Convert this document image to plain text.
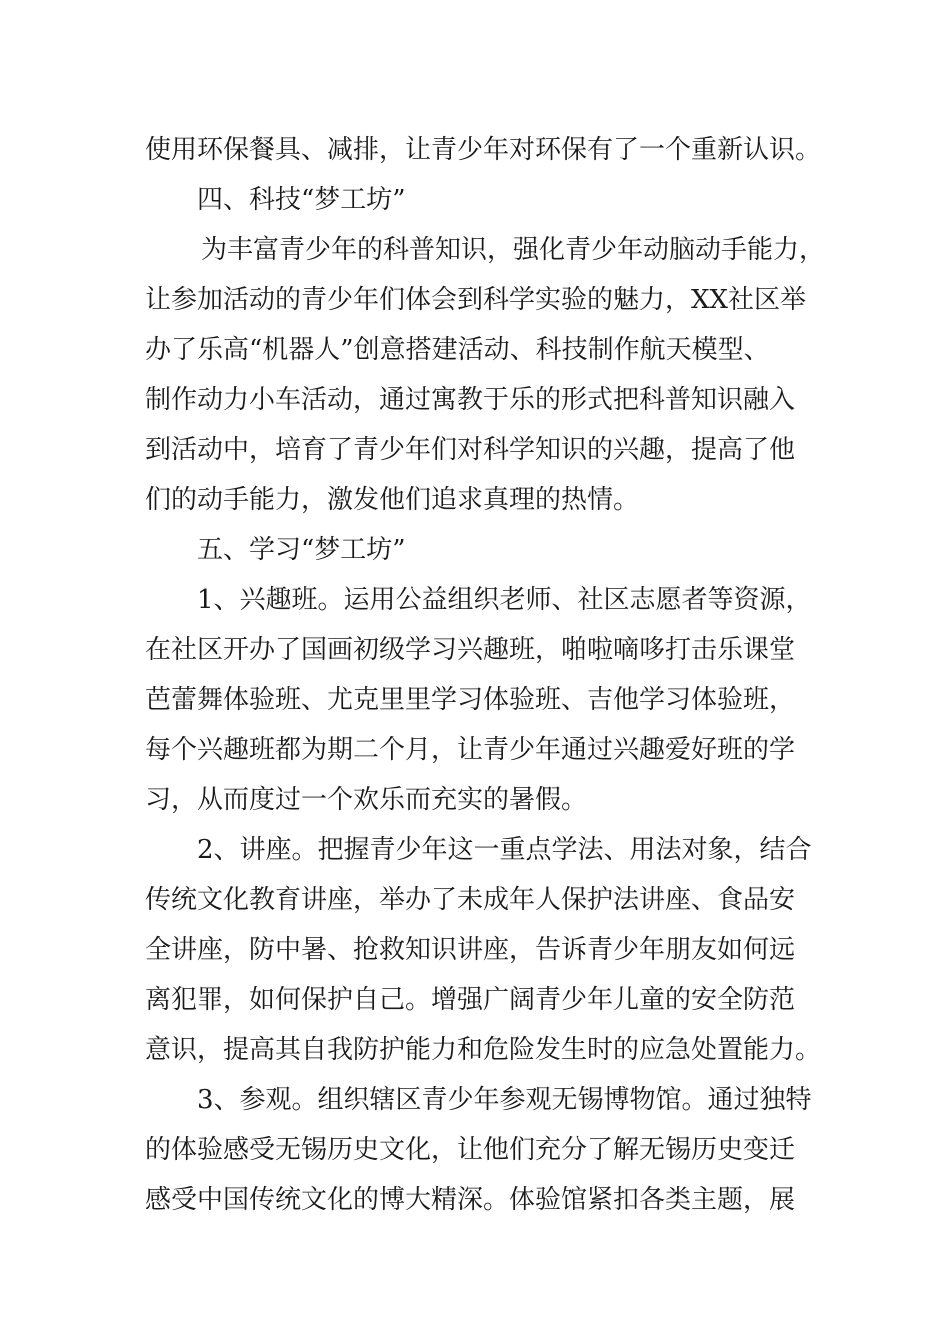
使用环保餐具、减排，让青少年对环保有了一个重新认识。
四、科技“梦工坊”
为丰富青少年的科普知识，强化青少年动脑动手能力，
让参加活动的青少年们体会到科学实验的魅力，XX社区举
办了乐高“机器人”创意搭建活动、科技制作航天模型、
制作动力小车活动，通过寓教于乐的形式把科普知识融入
到活动中，培育了青少年们对科学知识的兴趣，提高了他
们的动手能力，激发他们追求真理的热情。
五、学习“梦工坊”
1、兴趣班。运用公益组织老师、社区志愿者等资源，
在社区开办了国画初级学习兴趣班，啪啦嘀哆打击乐课堂
芭蕾舞体验班、尤克里里学习体验班、吉他学习体验班，
每个兴趣班都为期二个月，让青少年通过兴趣爱好班的学
习，从而度过一个欢乐而充实的暑假。
2、讲座。把握青少年这一重点学法、用法对象，结合
传统文化教育讲座，举办了未成年人保护法讲座、食品安
全讲座，防中暑、抢救知识讲座，告诉青少年朋友如何远
离犯罪，如何保护自己。增强广阔青少年儿童的安全防范
意识，提高其自我防护能力和危险发生时的应急处置能力。
3、参观。组织辖区青少年参观无锡博物馆。通过独特
的体验感受无锡历史文化，让他们充分了解无锡历史变迁
感受中国传统文化的博大精深。体验馆紧扣各类主题，展
